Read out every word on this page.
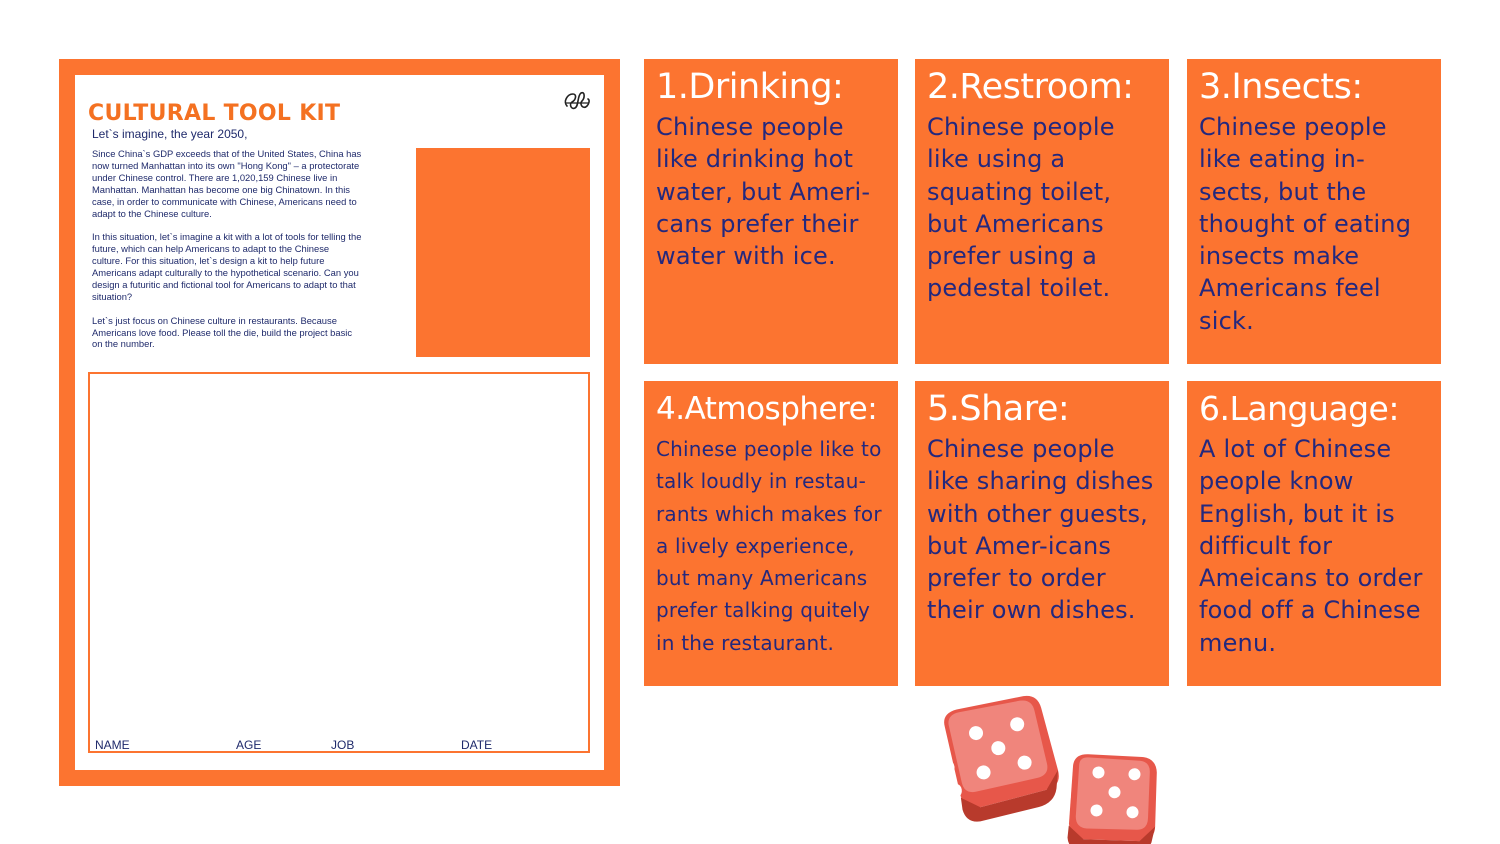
CULTURAL TOOL KIT
Let`s imagine, the year 2050,

Since China`s GDP exceeds that of the United States, China has now turned Manhattan into its own "Hong Kong" – a protectorate under Chinese control. There are 1,020,159 Chinese live in Manhattan. Manhattan has become one big Chinatown. In this case, in order to communicate with Chinese, Americans need to adapt to the Chinese culture.

In this situation, let`s imagine a kit with a lot of tools for telling the future, which can help Americans to adapt to the Chinese culture. For this situation, let`s design a kit to help future Americans adapt culturally to the hypothetical scenario. Can you design a futuritic and fictional tool for Americans to adapt to that situation?

Let`s just focus on Chinese culture in restaurants. Because Americans love food. Please toll the die, build the project basic on the number.

NAME	AGE	JOB	DATE
1.Drinking:
Chinese people like drinking hot water, but Ameri-cans prefer their water with ice.
2.Restroom:
Chinese people like using a squating toilet, but Americans prefer using a pedestal toilet.
3.Insects:
Chinese people like eating in-sects, but the thought of eating insects make Americans feel sick.
4.Atmosphere:
Chinese people like to talk loudly in restau-rants which makes for a lively experience, but many Americans prefer talking quitely in the restaurant.
5.Share:
Chinese people like sharing dishes with other guests, but Amer-icans prefer to order their own dishes.
6.Language:
A lot of Chinese people know English, but it is difficult for Ameicans to order food off a Chinese menu.
